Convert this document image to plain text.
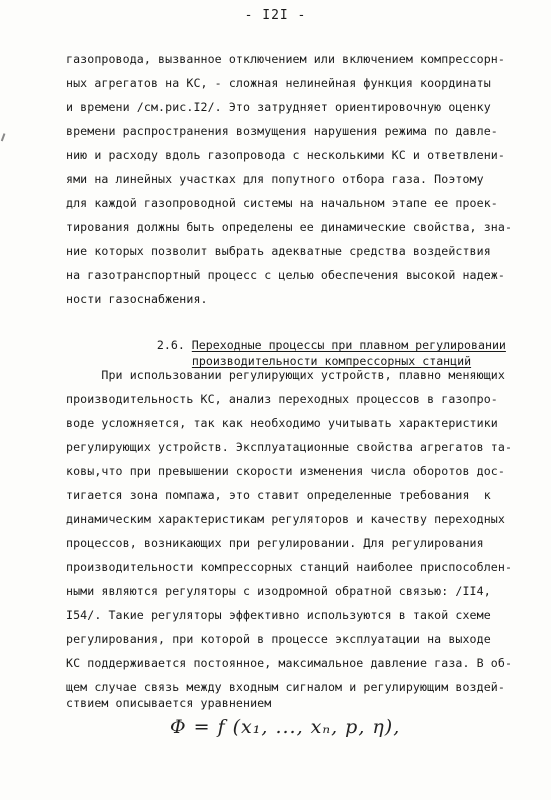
- I2I -
газопровода, вызванное отключением или включением компрессорн-
ных агрегатов на КС, - сложная нелинейная функция координаты
и времени /см.рис.I2/. Это затрудняет ориентировочную оценку
времени распространения возмущения нарушения режима по давле-
нию и расходу вдоль газопровода с несколькими КС и ответвлени-
ями на линейных участках для попутного отбора газа. Поэтому
для каждой газопроводной системы на начальном этапе ее проек-
тирования должны быть определены ее динамические свойства, зна-
ние которых позволит выбрать адекватные средства воздействия
на газотранспортный процесс с целью обеспечения высокой надеж-
ности газоснабжения.

2.6. Переходные процессы при плавном регулировании

производительности компрессорных станций

При использовании регулирующих устройств, плавно меняющих
производительность КС, анализ переходных процессов в газопро-
воде усложняется, так как необходимо учитывать характеристики
регулирующих устройств. Эксплуатационные свойства агрегатов та-
ковы,что при превышении скорости изменения числа оборотов дос-
тигается зона помпажа, это ставит определенные требования  к
динамическим характеристикам регуляторов и качеству переходных
процессов, возникающих при регулировании. Для регулирования
производительности компрессорных станций наиболее приспособлен-
ными являются регуляторы с изодромной обратной связью: /II4,
I54/. Такие регуляторы эффективно используются в такой схеме
регулирования, при которой в процессе эксплуатации на выходе
КС поддерживается постоянное, максимальное давление газа. В об-
щем случае связь между входным сигналом и регулирующим воздей-
ствием описывается уравнением
Φ = f (x₁, ..., xₙ, p, η),
